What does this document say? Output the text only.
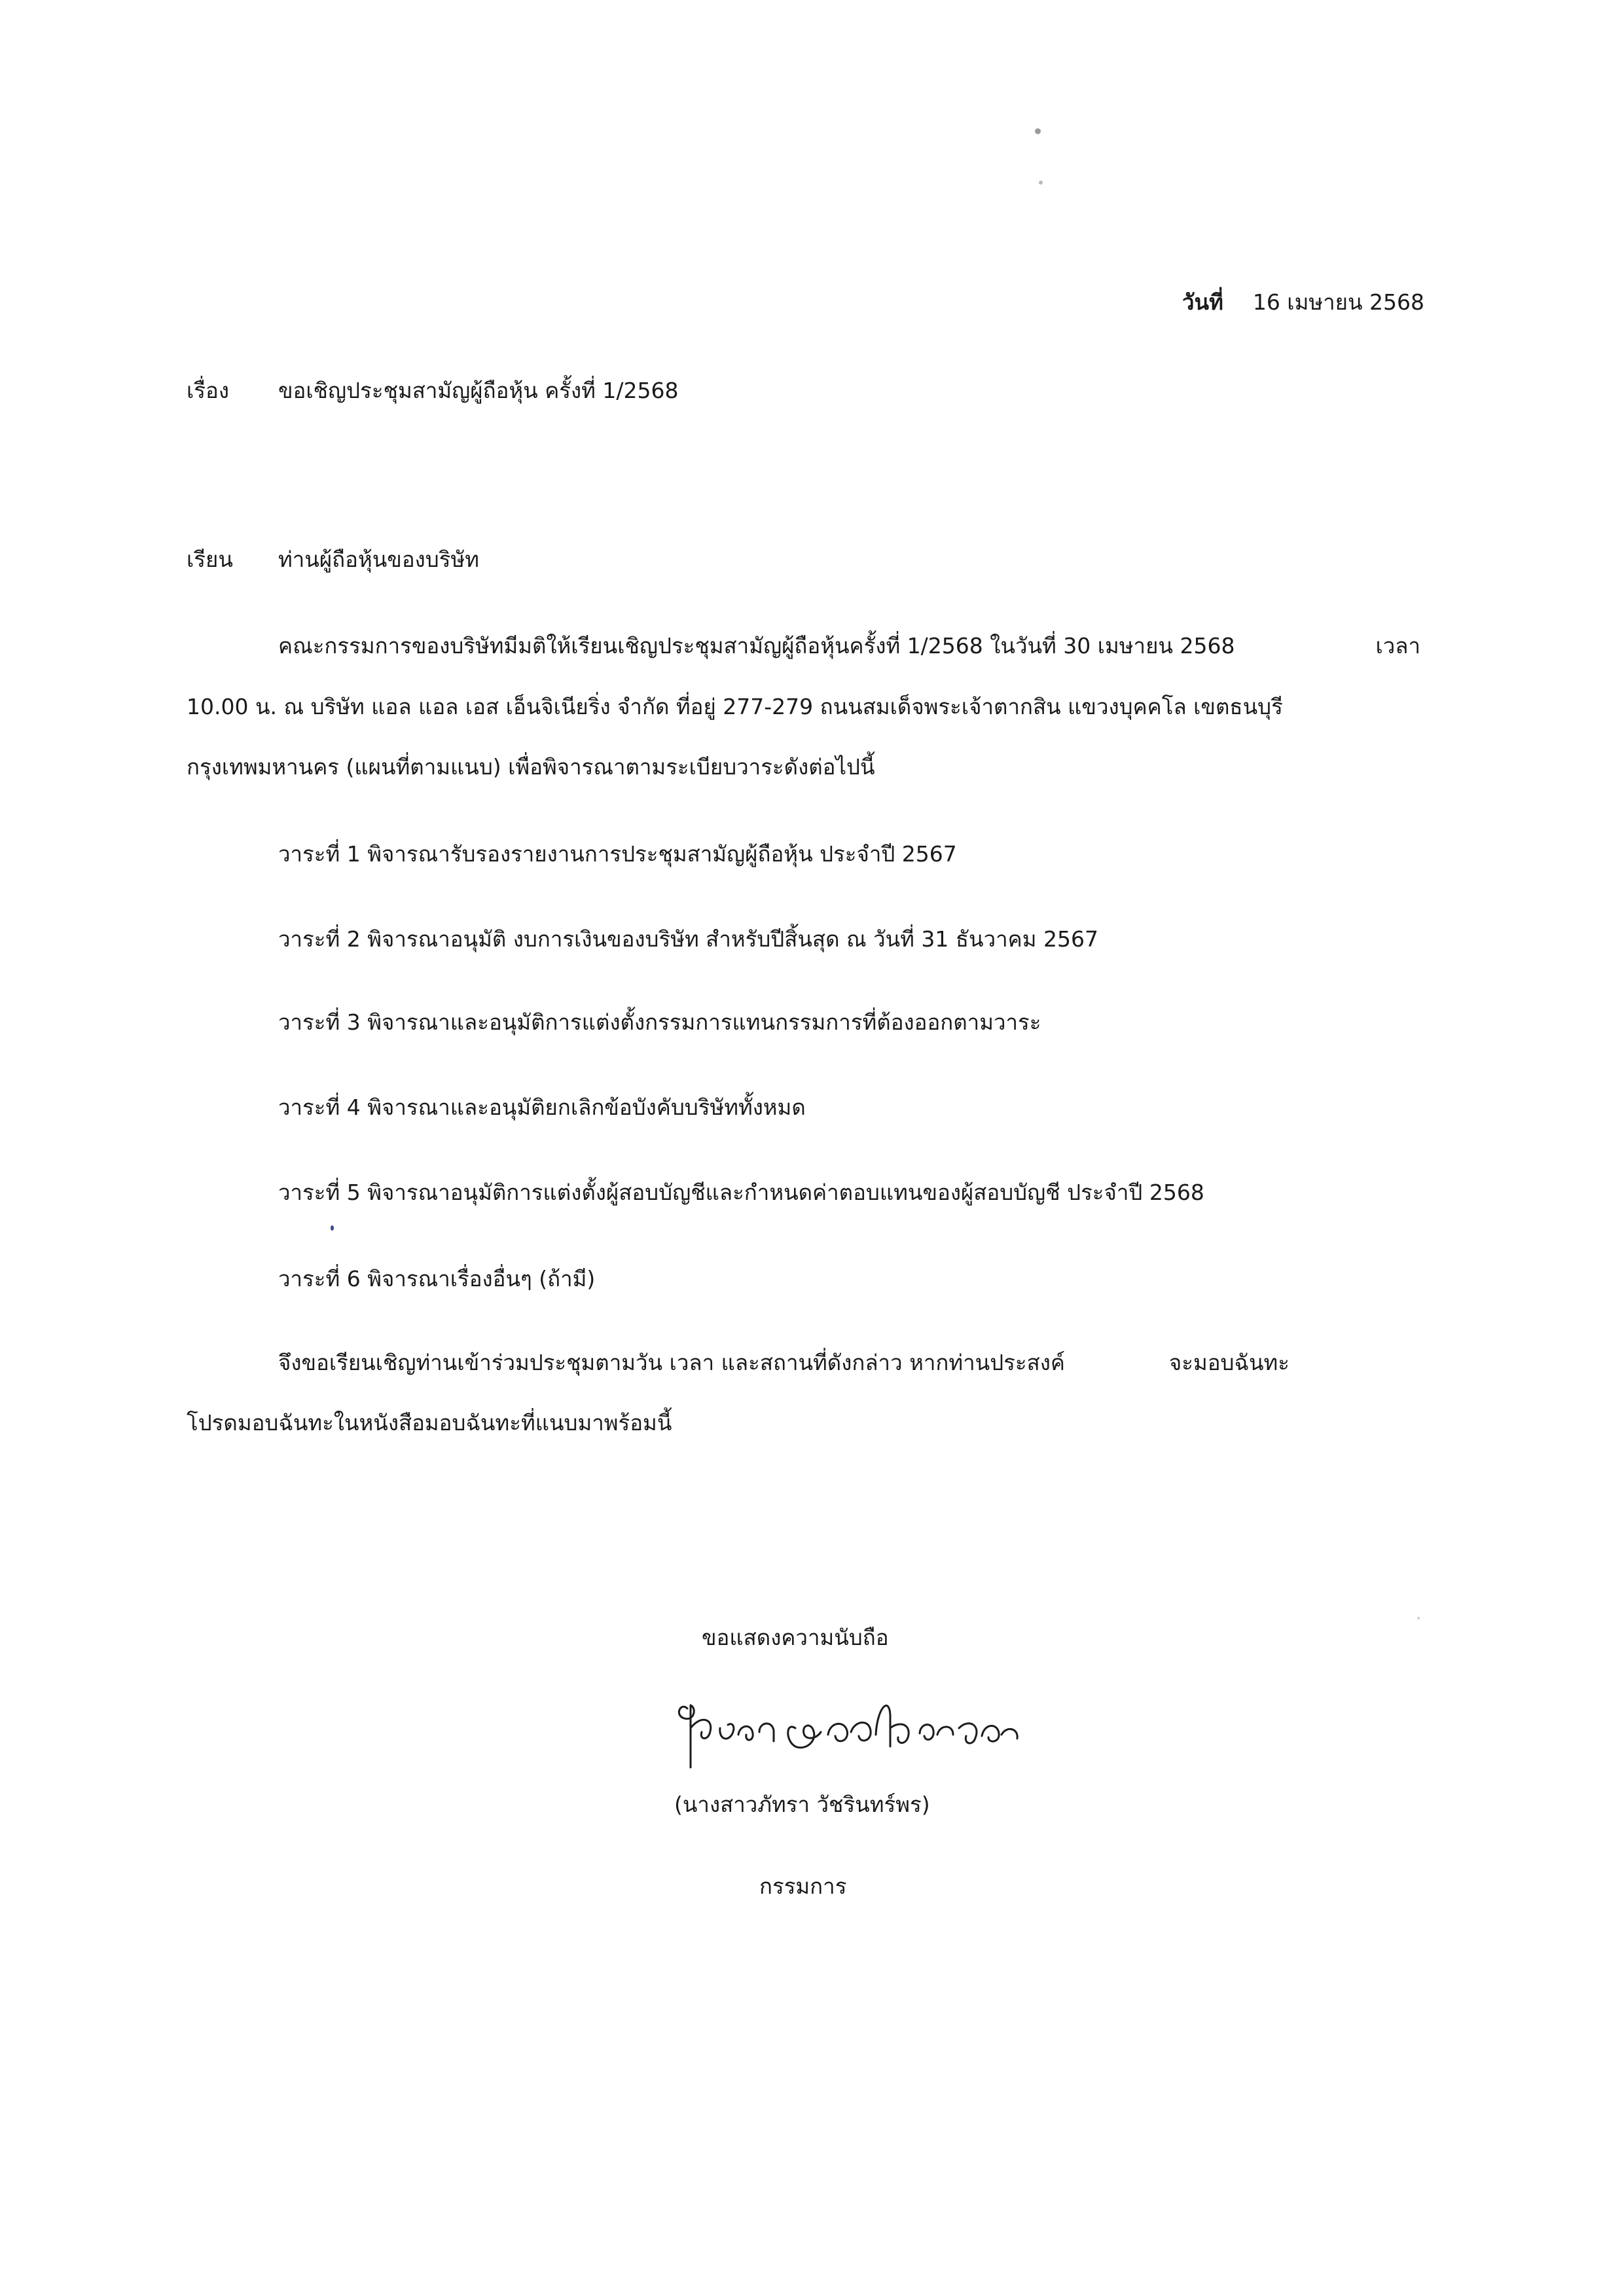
วันที่ 16 เมษายน 2568
เรื่อง ขอเชิญประชุมสามัญผู้ถือหุ้น ครั้งที่ 1/2568
เรียน ท่านผู้ถือหุ้นของบริษัท
คณะกรรมการของบริษัทมีมติให้เรียนเชิญประชุมสามัญผู้ถือหุ้นครั้งที่ 1/2568 ในวันที่ 30 เมษายน 2568	เวลา
10.00 น. ณ บริษัท แอล แอล เอส เอ็นจิเนียริ่ง จำกัด ที่อยู่ 277-279 ถนนสมเด็จพระเจ้าตากสิน แขวงบุคคโล เขตธนบุรี
กรุงเทพมหานคร (แผนที่ตามแนบ) เพื่อพิจารณาตามระเบียบวาระดังต่อไปนี้
วาระที่ 1 พิจารณารับรองรายงานการประชุมสามัญผู้ถือหุ้น ประจำปี 2567
วาระที่ 2 พิจารณาอนุมัติ งบการเงินของบริษัท สำหรับปีสิ้นสุด ณ วันที่ 31 ธันวาคม 2567
วาระที่ 3 พิจารณาและอนุมัติการแต่งตั้งกรรมการแทนกรรมการที่ต้องออกตามวาระ
วาระที่ 4 พิจารณาและอนุมัติยกเลิกข้อบังคับบริษัททั้งหมด
วาระที่ 5 พิจารณาอนุมัติการแต่งตั้งผู้สอบบัญชีและกำหนดค่าตอบแทนของผู้สอบบัญชี ประจำปี 2568
วาระที่ 6 พิจารณาเรื่องอื่นๆ (ถ้ามี)
จึงขอเรียนเชิญท่านเข้าร่วมประชุมตามวัน เวลา และสถานที่ดังกล่าว หากท่านประสงค์	จะมอบฉันทะ
โปรดมอบฉันทะในหนังสือมอบฉันทะที่แนบมาพร้อมนี้
ขอแสดงความนับถือ
(นางสาวภัทรา วัชรินทร์พร)
กรรมการ
